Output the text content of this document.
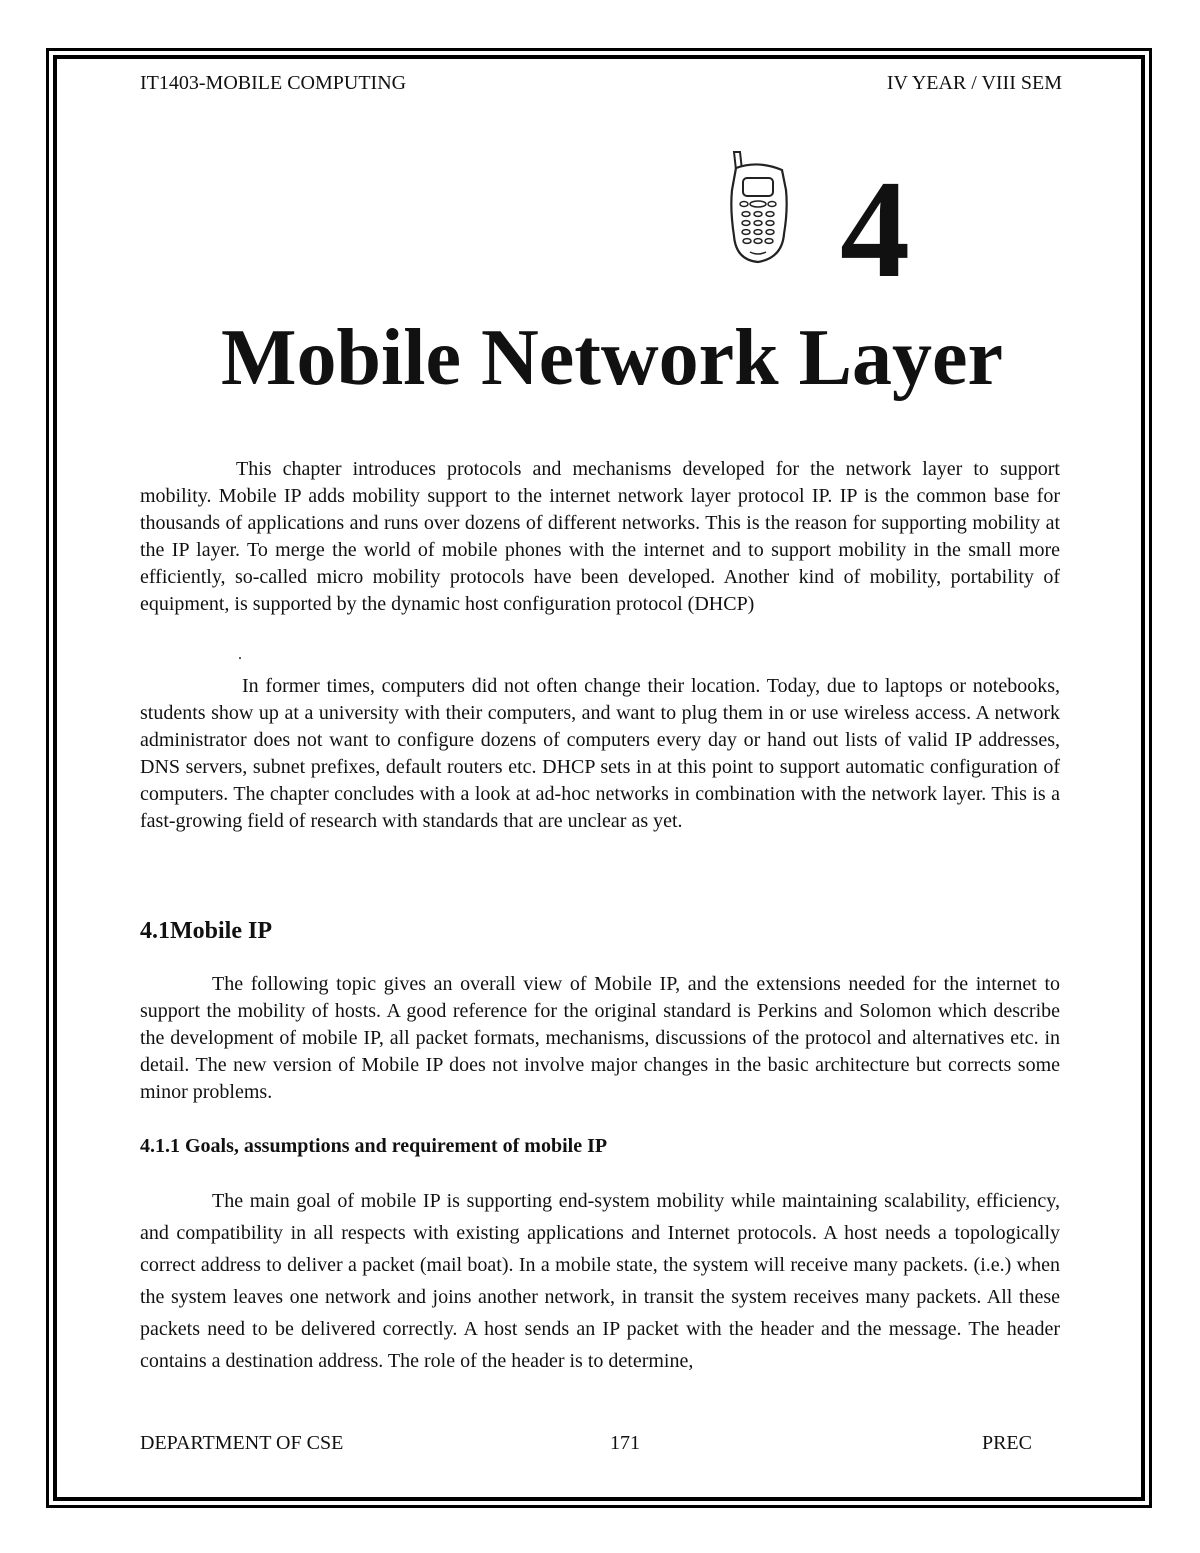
IT1403-MOBILE COMPUTING	IV YEAR / VIII SEM
4
Mobile Network Layer

This chapter introduces protocols and mechanisms developed for the network layer to support mobility. Mobile IP adds mobility support to the internet network layer protocol IP. IP is the common base for thousands of applications and runs over dozens of different networks. This is the reason for supporting mobility at the IP layer. To merge the world of mobile phones with the internet and to support mobility in the small more efficiently, so-called micro mobility protocols have been developed. Another kind of mobility, portability of equipment, is supported by the dynamic host configuration protocol (DHCP)

.

In former times, computers did not often change their location. Today, due to laptops or notebooks, students show up at a university with their computers, and want to plug them in or use wireless access. A network administrator does not want to configure dozens of computers every day or hand out lists of valid IP addresses, DNS servers, subnet prefixes, default routers etc. DHCP sets in at this point to support automatic configuration of computers. The chapter concludes with a look at ad-hoc networks in combination with the network layer. This is a fast-growing field of research with standards that are unclear as yet.

4.1Mobile IP

The following topic gives an overall view of Mobile IP, and the extensions needed for the internet to support the mobility of hosts. A good reference for the original standard is Perkins and Solomon which describe the development of mobile IP, all packet formats, mechanisms, discussions of the protocol and alternatives etc. in detail. The new version of Mobile IP does not involve major changes in the basic architecture but corrects some minor problems.

4.1.1 Goals, assumptions and requirement of mobile IP

The main goal of mobile IP is supporting end-system mobility while maintaining scalability, efficiency, and compatibility in all respects with existing applications and Internet protocols. A host needs a topologically correct address to deliver a packet (mail boat). In a mobile state, the system will receive many packets. (i.e.) when the system leaves one network and joins another network, in transit the system receives many packets. All these packets need to be delivered correctly. A host sends an IP packet with the header and the message. The header contains a destination address. The role of the header is to determine,

DEPARTMENT OF CSE	171	PREC
